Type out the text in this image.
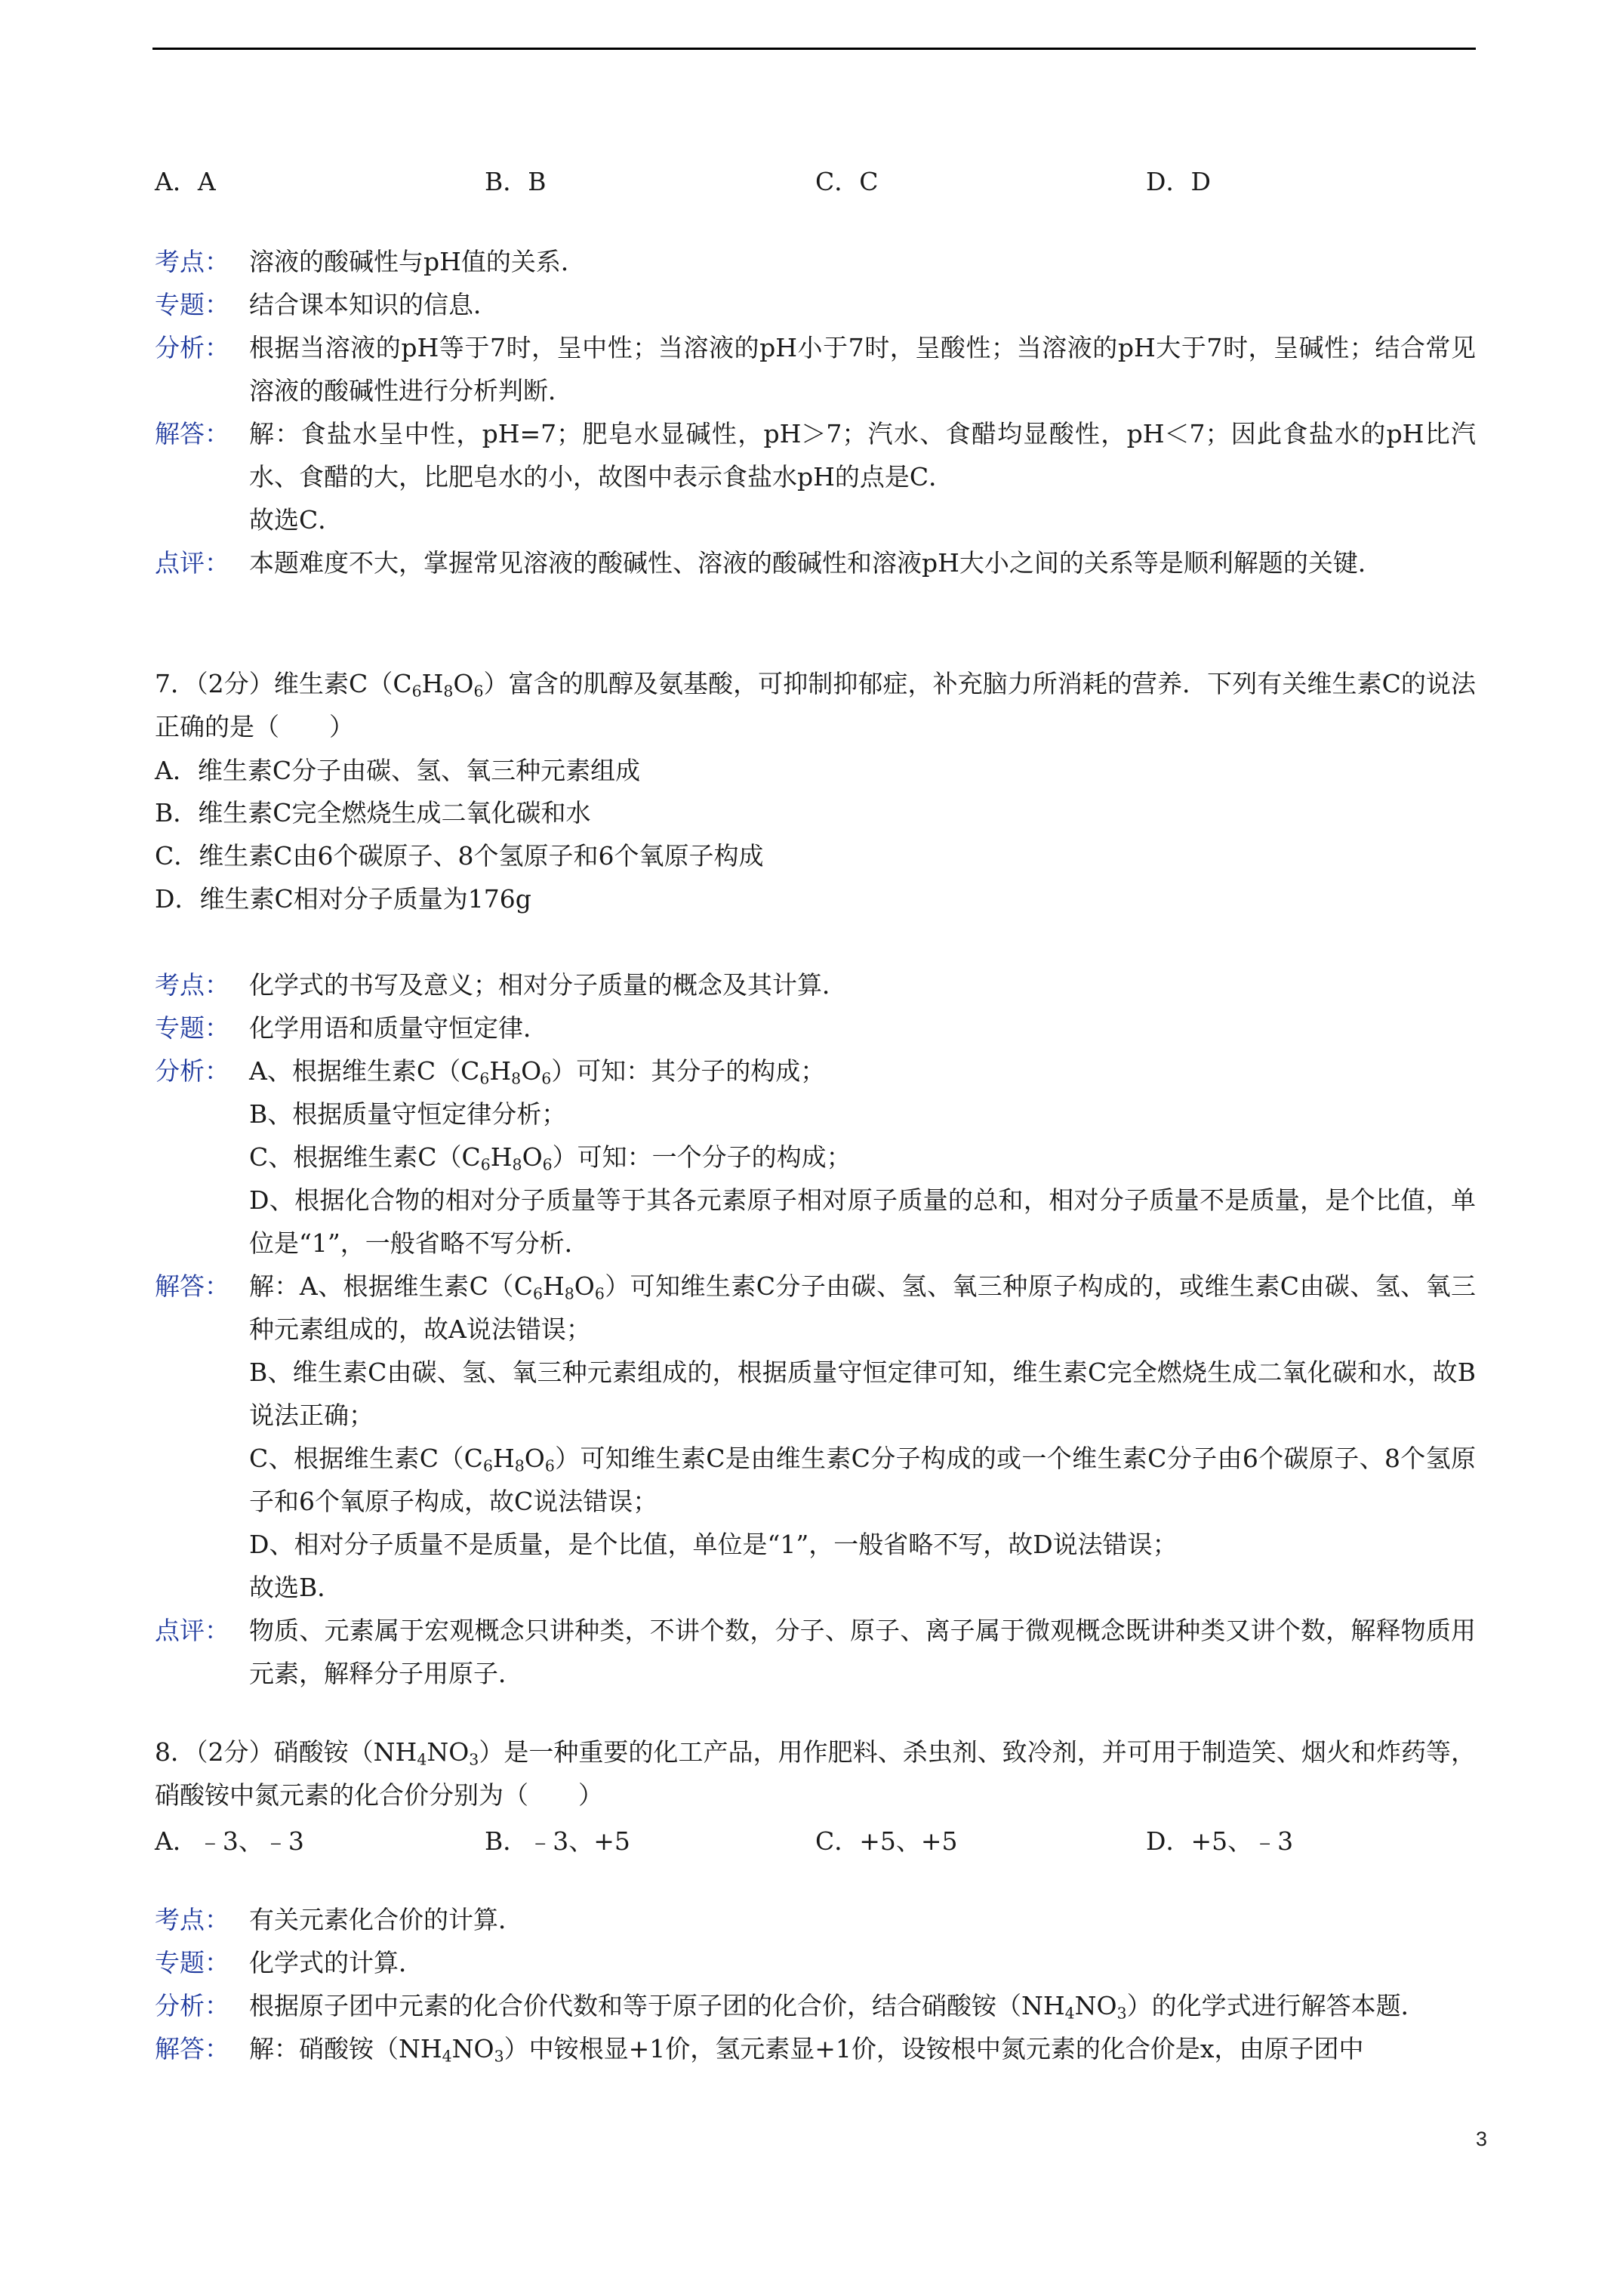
A．A	B．B	C．C	D．D
考点： 溶液的酸碱性与pH值的关系．
专题： 结合课本知识的信息．
分析： 根据当溶液的pH等于7时，呈中性；当溶液的pH小于7时，呈酸性；当溶液的pH大于7时，呈碱性；结合常见溶液的酸碱性进行分析判断．
解答： 解：食盐水呈中性，pH=7；肥皂水显碱性，pH＞7；汽水、食醋均显酸性，pH＜7；因此食盐水的pH比汽水、食醋的大，比肥皂水的小，故图中表示食盐水pH的点是C．

故选C．

点评： 本题难度不大，掌握常见溶液的酸碱性、溶液的酸碱性和溶液pH大小之间的关系等是顺利解题的关键．
7．（2分）维生素$C(C_6H_8O_6)$富含的肌醇及氨基酸，可抑制抑郁症，补充脑力所消耗的营养．下列有关维生素C的说法正确的是（　　）
A．维生素C分子由碳、氢、氧三种元素组成
B．维生素C完全燃烧生成二氧化碳和水
C．维生素C由6个碳原子、8个氢原子和6个氧原子构成
D．维生素C相对分子质量为176g
考点： 化学式的书写及意义；相对分子质量的概念及其计算．
专题： 化学用语和质量守恒定律．
分析： A、根据维生素$C(C_6H_8O_6)$可知：其分子的构成；

B、根据质量守恒定律分析；

C、根据维生素$C(C_6H_8O_6)$可知：一个分子的构成；

D、根据化合物的相对分子质量等于其各元素原子相对原子质量的总和，相对分子质量不是质量，是个比值，单位是“1”，一般省略不写分析．

解答： 解：A、根据维生素$C(C_6H_8O_6)$可知维生素C分子由碳、氢、氧三种原子构成的，或维生素C由碳、氢、氧三种元素组成的，故A说法错误；

B、维生素C由碳、氢、氧三种元素组成的，根据质量守恒定律可知，维生素C完全燃烧生成二氧化碳和水，故B说法正确；

C、根据维生素$C(C_6H_8O_6)$可知维生素C是由维生素C分子构成的或一个维生素C分子由6个碳原子、8个氢原子和6个氧原子构成，故C说法错误；

D、相对分子质量不是质量，是个比值，单位是“1”，一般省略不写，故D说法错误；

故选B．

点评： 物质、元素属于宏观概念只讲种类，不讲个数，分子、原子、离子属于微观概念既讲种类又讲个数，解释物质用元素，解释分子用原子．
8．（2分）硝酸铵$(NH_4NO_3)$是一种重要的化工产品，用作肥料、杀虫剂、致冷剂，并可用于制造笑、烟火和炸药等，硝酸铵中氮元素的化合价分别为（　　）
A．﹣3、﹣3	B．﹣3、+5	C．+5、+5	D．+5、﹣3
考点： 有关元素化合价的计算．
专题： 化学式的计算．
分析： 根据原子团中元素的化合价代数和等于原子团的化合价，结合硝酸铵$(NH_4NO_3)$的化学式进行解答本题．
解答： 解：硝酸铵$(NH_4NO_3)$中铵根显+1价，氢元素显+1价，设铵根中氮元素的化合价是x，由原子团中
3
